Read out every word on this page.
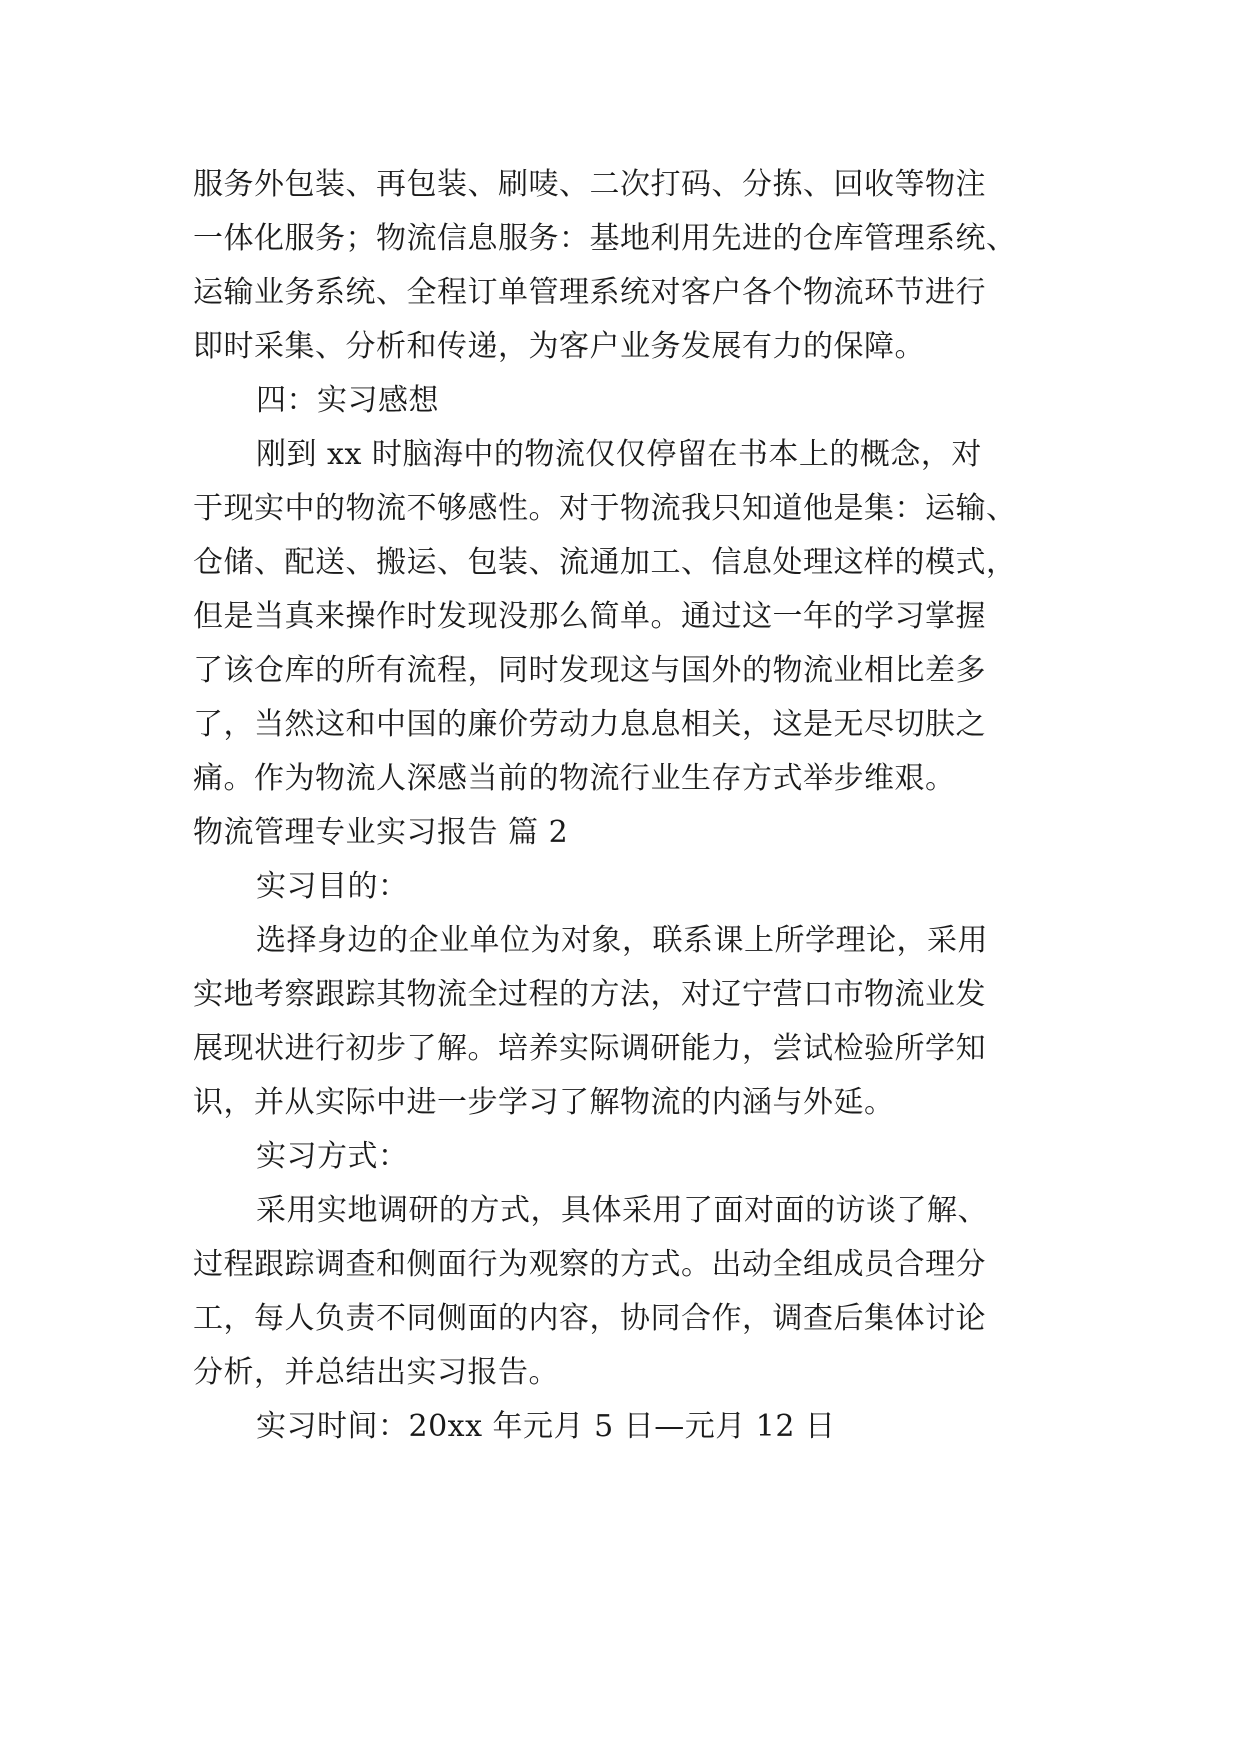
服务外包装、再包装、刷唛、二次打码、分拣、回收等物注
一体化服务；物流信息服务：基地利用先进的仓库管理系统、
运输业务系统、全程订单管理系统对客户各个物流环节进行
即时采集、分析和传递，为客户业务发展有力的保障。
四：实习感想
刚到 xx 时脑海中的物流仅仅停留在书本上的概念，对
于现实中的物流不够感性。对于物流我只知道他是集：运输、
仓储、配送、搬运、包装、流通加工、信息处理这样的模式，
但是当真来操作时发现没那么简单。通过这一年的学习掌握
了该仓库的所有流程，同时发现这与国外的物流业相比差多
了，当然这和中国的廉价劳动力息息相关，这是无尽切肤之
痛。作为物流人深感当前的物流行业生存方式举步维艰。
物流管理专业实习报告 篇 2
实习目的：
选择身边的企业单位为对象，联系课上所学理论，采用
实地考察跟踪其物流全过程的方法，对辽宁营口市物流业发
展现状进行初步了解。培养实际调研能力，尝试检验所学知
识，并从实际中进一步学习了解物流的内涵与外延。
实习方式：
采用实地调研的方式，具体采用了面对面的访谈了解、
过程跟踪调查和侧面行为观察的方式。出动全组成员合理分
工，每人负责不同侧面的内容，协同合作，调查后集体讨论
分析，并总结出实习报告。
实习时间：20xx 年元月 5 日—元月 12 日
